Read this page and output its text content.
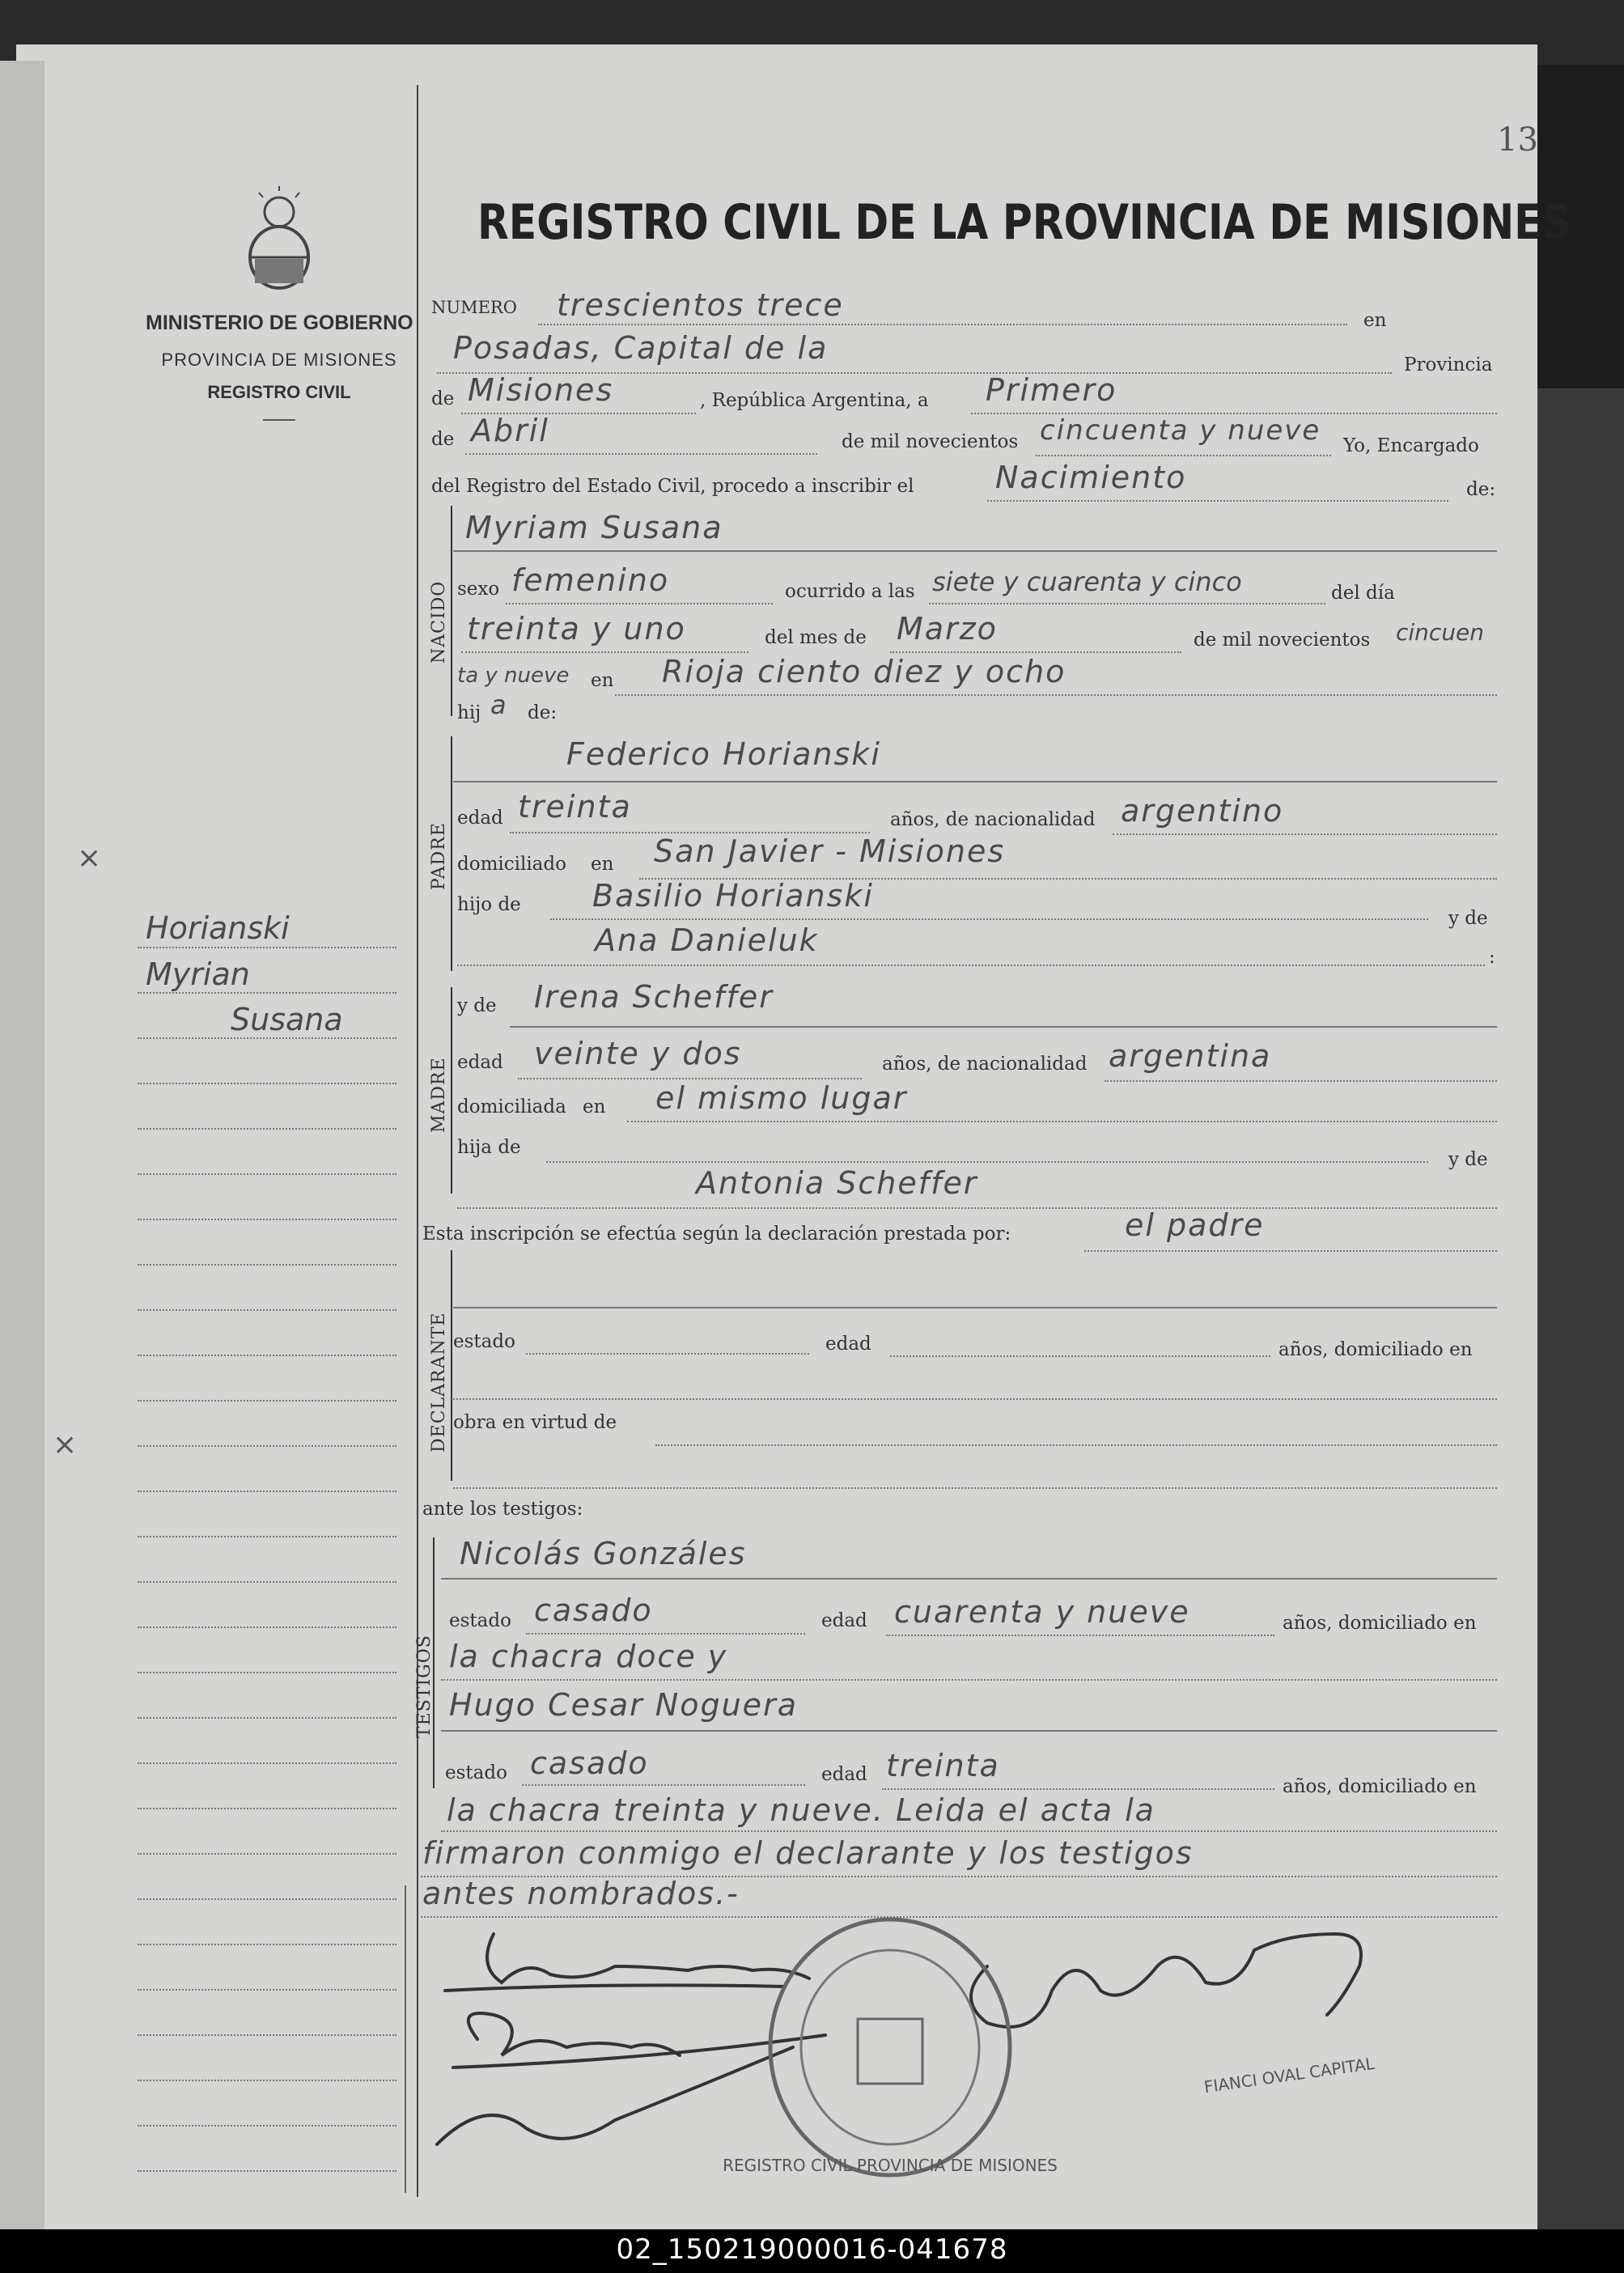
13
MINISTERIO DE GOBIERNO
PROVINCIA DE MISIONES
REGISTRO CIVIL
REGISTRO CIVIL DE LA PROVINCIA DE MISIONES
Horianski
Myrian
Susana
⨯
⨯
NUMERO trescientos trece	en
Posadas, Capital de la	Provincia
de Misiones	, República Argentina, a Primero
de Abril	de mil novecientos cincuenta y nueve Yo, Encargado
del Registro del Estado Civil, procedo a inscribir el	Nacimiento	de:
NACIDO
Myriam Susana
sexo femenino	ocurrido a las siete y cuarenta y cinco	del día
treinta y uno	del mes de Marzo	de mil novecientos cincuen
ta y nueve en Rioja ciento diez y ocho
hij a de:
PADRE
Federico Horianski
edad treinta	años, de nacionalidad argentino
domiciliado en San Javier - Misiones
hijo de Basilio Horianski
y de
Ana Danieluk	:
MADRE
y de Irena Scheffer
edad veinte y dos	años, de nacionalidad argentina
domiciliada en el mismo lugar
hija de
y de
Antonia Scheffer
Esta inscripción se efectúa según la declaración prestada por:	el padre
DECLARANTE estado	edad	años, domiciliado en
obra en virtud de
ante los testigos:
TESTIGOS
Nicolás Gonzáles
estado casado	edad cuarenta y nueve	años, domiciliado en
la chacra doce y
Hugo Cesar Noguera
estado casado	edad treinta
años, domiciliado en
la chacra treinta y nueve. Leida el acta la
firmaron conmigo el declarante y los testigos
antes nombrados.-
REGISTRO CIVIL PROVINCIA DE MISIONES
FIANCI OVAL CAPITAL
02_150219000016-041678
